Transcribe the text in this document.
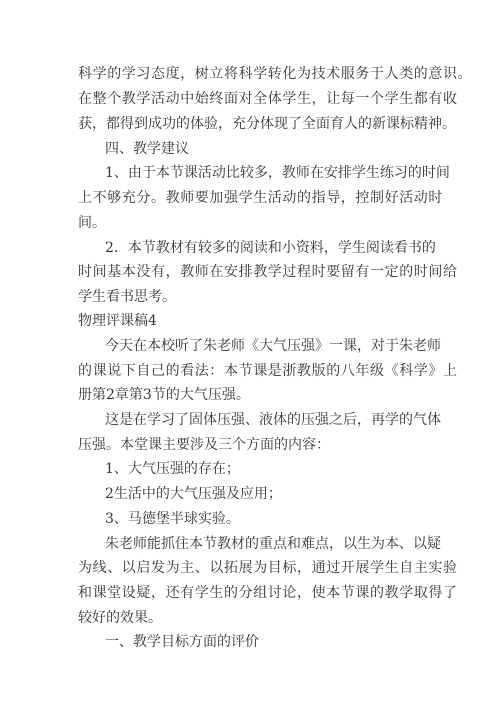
科学的学习态度，树立将科学转化为技术服务于人类的意识。
在整个教学活动中始终面对全体学生，让每一个学生都有收
获，都得到成功的体验，充分体现了全面育人的新课标精神。
四、教学建议
1、由于本节课活动比较多，教师在安排学生练习的时间
上不够充分。教师要加强学生活动的指导，控制好活动时
间。
2．本节教材有较多的阅读和小资料，学生阅读看书的
时间基本没有，教师在安排教学过程时要留有一定的时间给
学生看书思考。
物理评课稿4
今天在本校听了朱老师《大气压强》一课，对于朱老师
的课说下自己的看法：本节课是浙教版的八年级《科学》上
册第2章第3节的大气压强。
这是在学习了固体压强、液体的压强之后，再学的气体
压强。本堂课主要涉及三个方面的内容：
1、大气压强的存在；
2生活中的大气压强及应用；
3、马德堡半球实验。
朱老师能抓住本节教材的重点和难点，以生为本、以疑
为线、以启发为主、以拓展为目标，通过开展学生自主实验
和课堂设疑，还有学生的分组讨论，使本节课的教学取得了
较好的效果。
一、教学目标方面的评价
